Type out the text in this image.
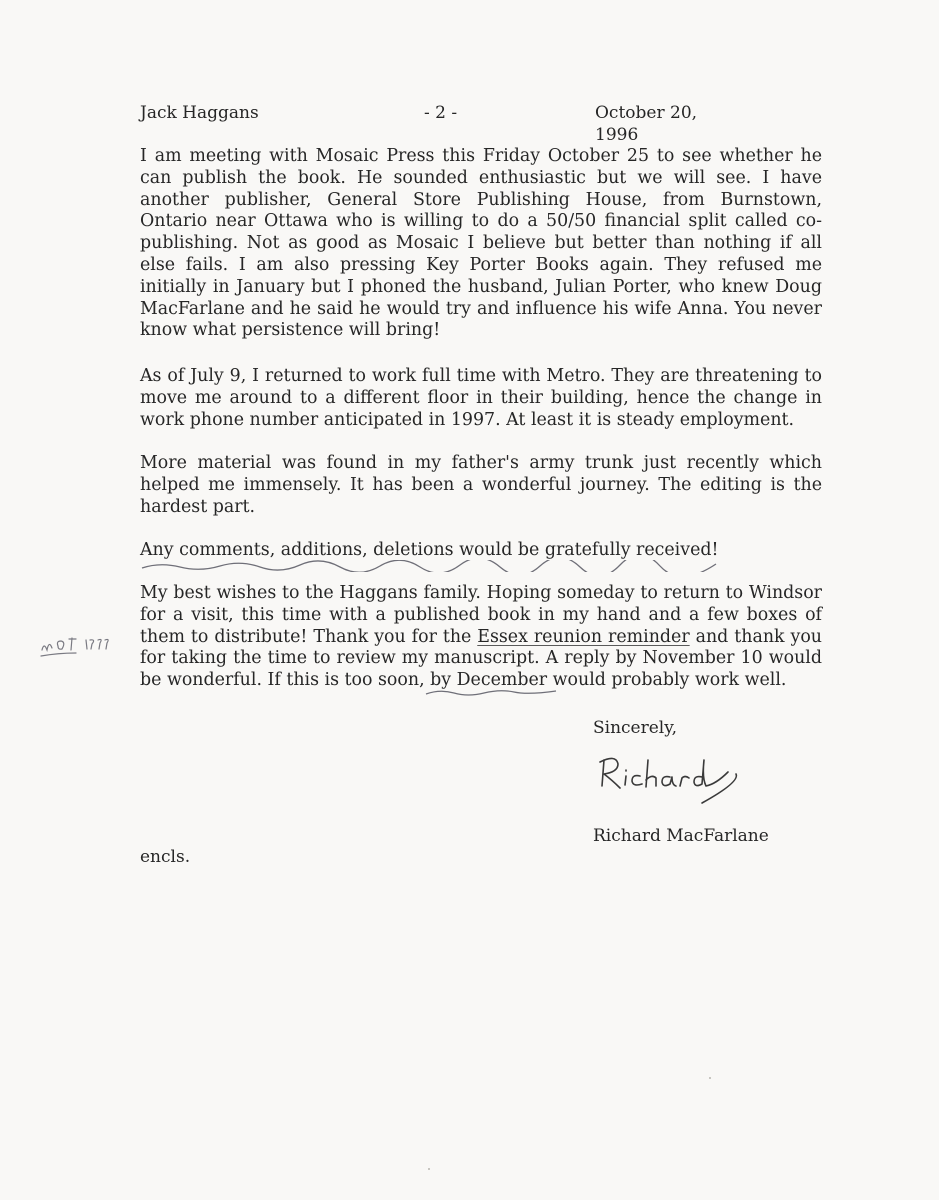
Jack Haggans	- 2 -	October 20, 1996

I am meeting with Mosaic Press this Friday October 25 to see whether he can publish the book. He sounded enthusiastic but we will see. I have another publisher, General Store Publishing House, from Burnstown, Ontario near Ottawa who is willing to do a 50/50 financial split called co-publishing. Not as good as Mosaic I believe but better than nothing if all else fails. I am also pressing Key Porter Books again. They refused me initially in January but I phoned the husband, Julian Porter, who knew Doug MacFarlane and he said he would try and influence his wife Anna. You never know what persistence will bring!

As of July 9, I returned to work full time with Metro. They are threatening to move me around to a different floor in their building, hence the change in work phone number anticipated in 1997. At least it is steady employment.

More material was found in my father's army trunk just recently which helped me immensely. It has been a wonderful journey. The editing is the hardest part.

Any comments, additions, deletions would be gratefully received!

My best wishes to the Haggans family. Hoping someday to return to Windsor for a visit, this time with a published book in my hand and a few boxes of them to distribute! Thank you for the Essex reunion reminder and thank you for taking the time to review my manuscript. A reply by November 10 would be wonderful. If this is too soon, by December would probably work well.

Sincerely,
Richard MacFarlane
encls.
